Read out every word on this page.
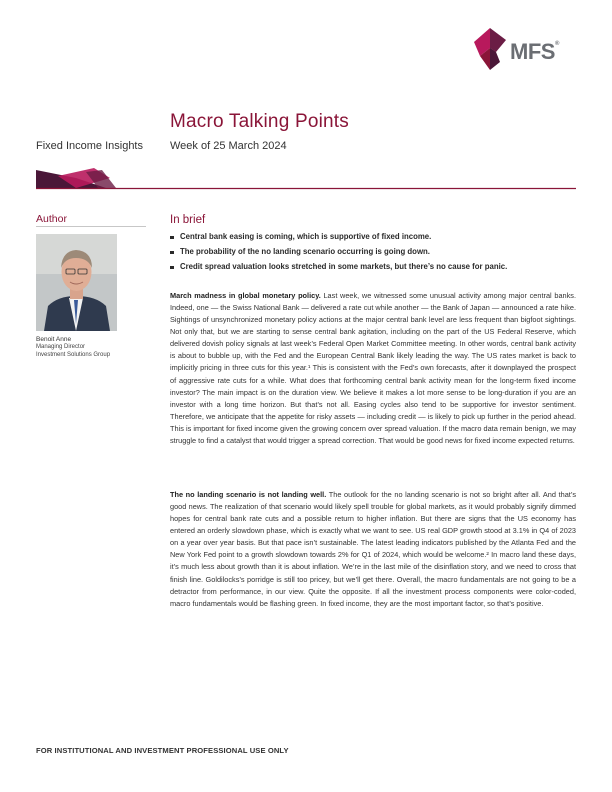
MFS®
Macro Talking Points
Fixed Income Insights Week of 25 March 2024
Author
Benoit Anne
Managing Director
Investment Solutions Group
In brief
Central bank easing is coming, which is supportive of fixed income.
The probability of the no landing scenario occurring is going down.
Credit spread valuation looks stretched in some markets, but there’s no cause for panic.

March madness in global monetary policy. Last week, we witnessed some unusual activity among major central banks. Indeed, one — the Swiss National Bank — delivered a rate cut while another — the Bank of Japan — announced a rate hike. Sightings of unsynchronized monetary policy actions at the major central bank level are less frequent than bigfoot sightings. Not only that, but we are starting to sense central bank agitation, including on the part of the US Federal Reserve, which delivered dovish policy signals at last week’s Federal Open Market Committee meeting. In other words, central bank activity is about to bubble up, with the Fed and the European Central Bank likely leading the way. The US rates market is back to implicitly pricing in three cuts for this year.¹ This is consistent with the Fed’s own forecasts, after it downplayed the prospect of aggressive rate cuts for a while. What does that forthcoming central bank activity mean for the long-term fixed income investor? The main impact is on the duration view. We believe it makes a lot more sense to be long-duration if you are an investor with a long time horizon. But that’s not all. Easing cycles also tend to be supportive for investor sentiment. Therefore, we anticipate that the appetite for risky assets — including credit — is likely to pick up further in the period ahead. This is important for fixed income given the growing concern over spread valuation. If the macro data remain benign, we may struggle to find a catalyst that would trigger a spread correction. That would be good news for fixed income expected returns.

The no landing scenario is not landing well. The outlook for the no landing scenario is not so bright after all. And that’s good news. The realization of that scenario would likely spell trouble for global markets, as it would probably signify dimmed hopes for central bank rate cuts and a possible return to higher inflation. But there are signs that the US economy has entered an orderly slowdown phase, which is exactly what we want to see. US real GDP growth stood at 3.1% in Q4 of 2023 on a year over year basis. But that pace isn’t sustainable. The latest leading indicators published by the Atlanta Fed and the New York Fed point to a growth slowdown towards 2% for Q1 of 2024, which would be welcome.² In macro land these days, it’s much less about growth than it is about inflation. We’re in the last mile of the disinflation story, and we need to cross that finish line. Goldilocks’s porridge is still too pricey, but we’ll get there. Overall, the macro fundamentals are not going to be a detractor from performance, in our view. Quite the opposite. If all the investment process components were color-coded, macro fundamentals would be flashing green. In fixed income, they are the most important factor, so that’s positive.

FOR INSTITUTIONAL AND INVESTMENT PROFESSIONAL USE ONLY
